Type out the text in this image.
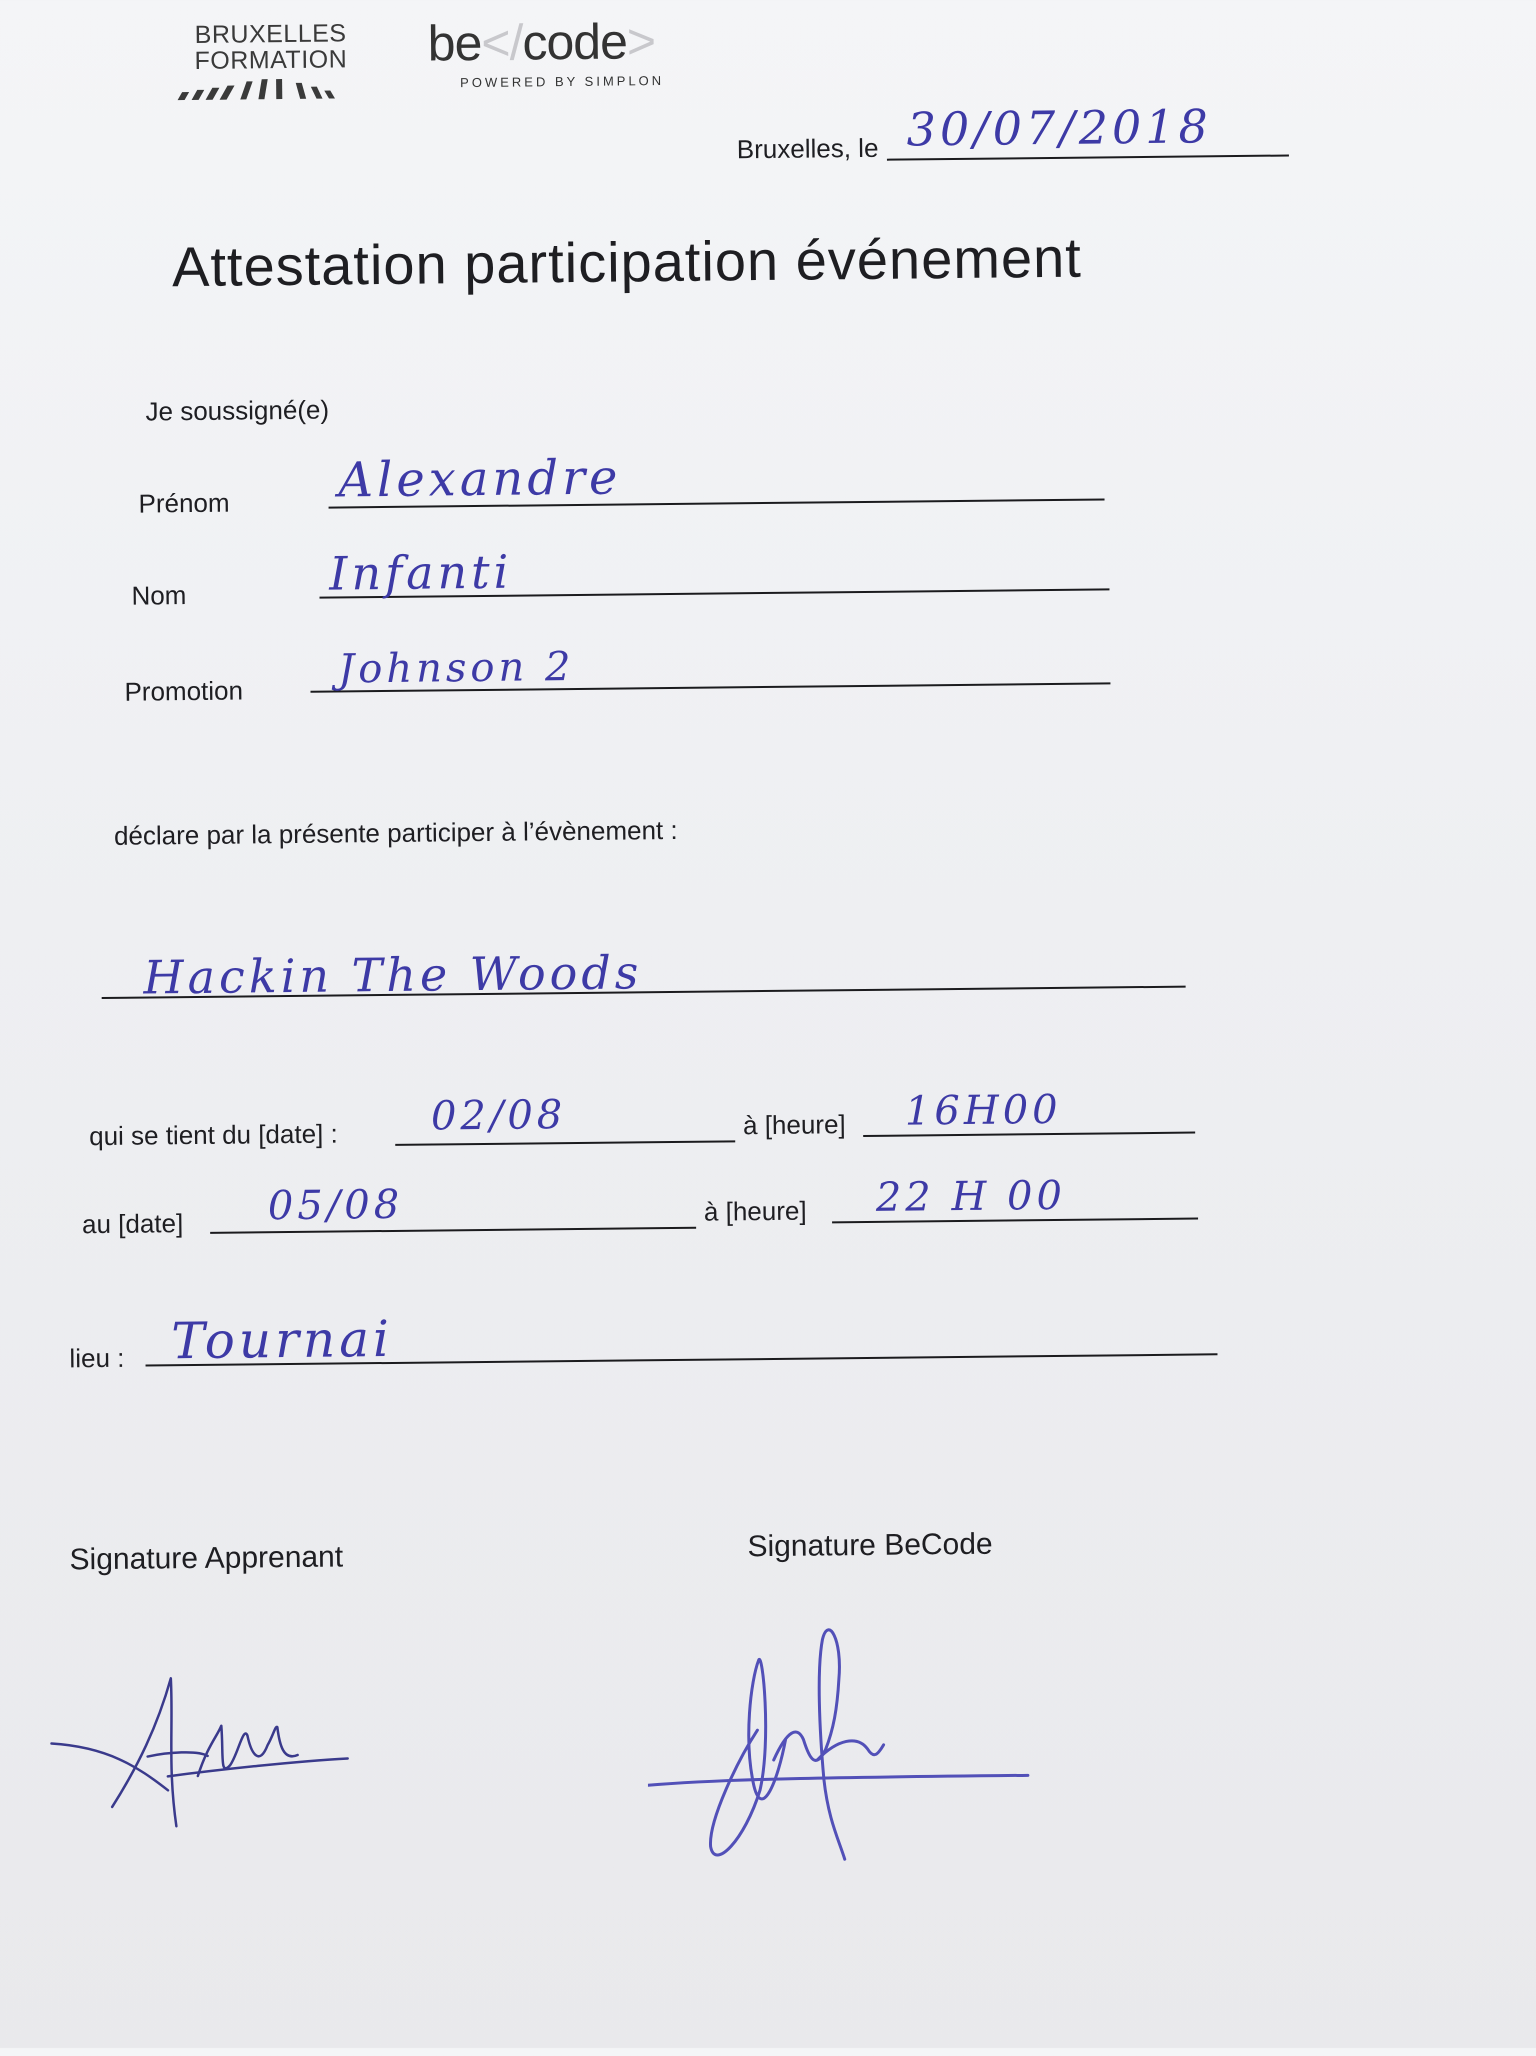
BRUXELLES
FORMATION	be</code>
POWERED BY SIMPLON
Bruxelles, le 30/07/2018
Attestation participation événement
Je soussigné(e)
Prénom Alexandre
Nom	Infanti
Promotion Johnson 2
déclare par la présente participer à l’évènement :
Hackin The Woods
qui se tient du [date] : 02/08	à [heure] 16H00
au [date] 05/08	à [heure] 22 H 00
lieu : Tournai
Signature Apprenant	Signature BeCode
